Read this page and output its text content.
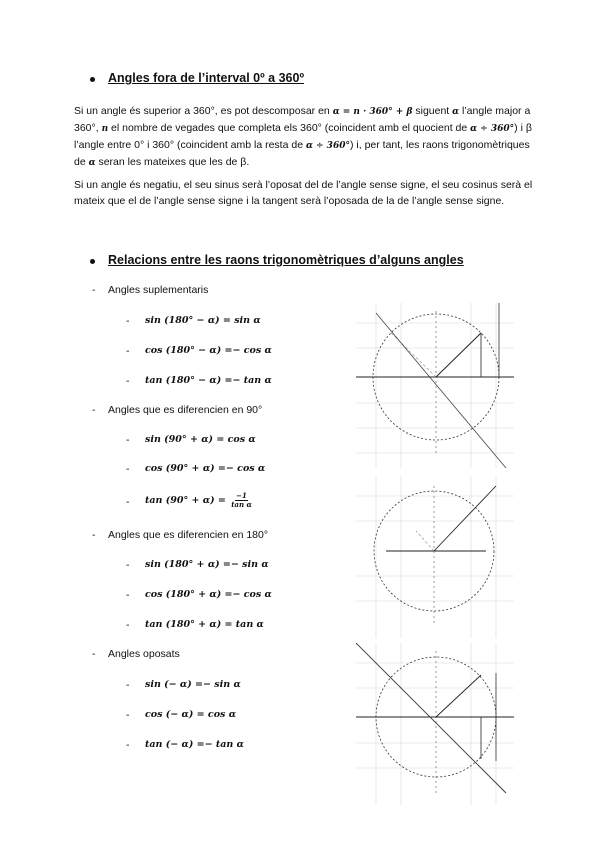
Angles fora de l’interval 0º a 360º
Si un angle és superior a 360°, es pot descomposar en α = n · 360° + β siguent α l’angle major a 360°, n el nombre de vegades que completa els 360° (coincident amb el quocient de α ÷ 360°) i β l’angle entre 0° i 360° (coincident amb la resta de α ÷ 360°) i, per tant, les raons trigonomètriques de α seran les mateixes que les de β.
Si un angle és negatiu, el seu sinus serà l’oposat del de l’angle sense signe, el seu cosinus serà el mateix que el de l’angle sense signe i la tangent serà l’oposada de la de l’angle sense signe.
Relacions entre les raons trigonomètriques d’alguns angles
- Angles suplementaris
- sin (180° − α) = sin α
- cos (180° − α) =− cos α
- tan (180° − α) =− tan α
- Angles que es diferencien en 90°
- sin (90° + α) = cos α
- cos (90° + α) =− cos α
- $\tan (90^\circ + \alpha) = \frac{-1}{\text{tan α}}$
- Angles que es diferencien en 180°
- sin (180° + α) =− sin α
- cos (180° + α) =− cos α
- tan (180° + α) = tan α
- Angles oposats
- sin (− α) =− sin α
- cos (− α) = cos α
- tan (− α) =− tan α
